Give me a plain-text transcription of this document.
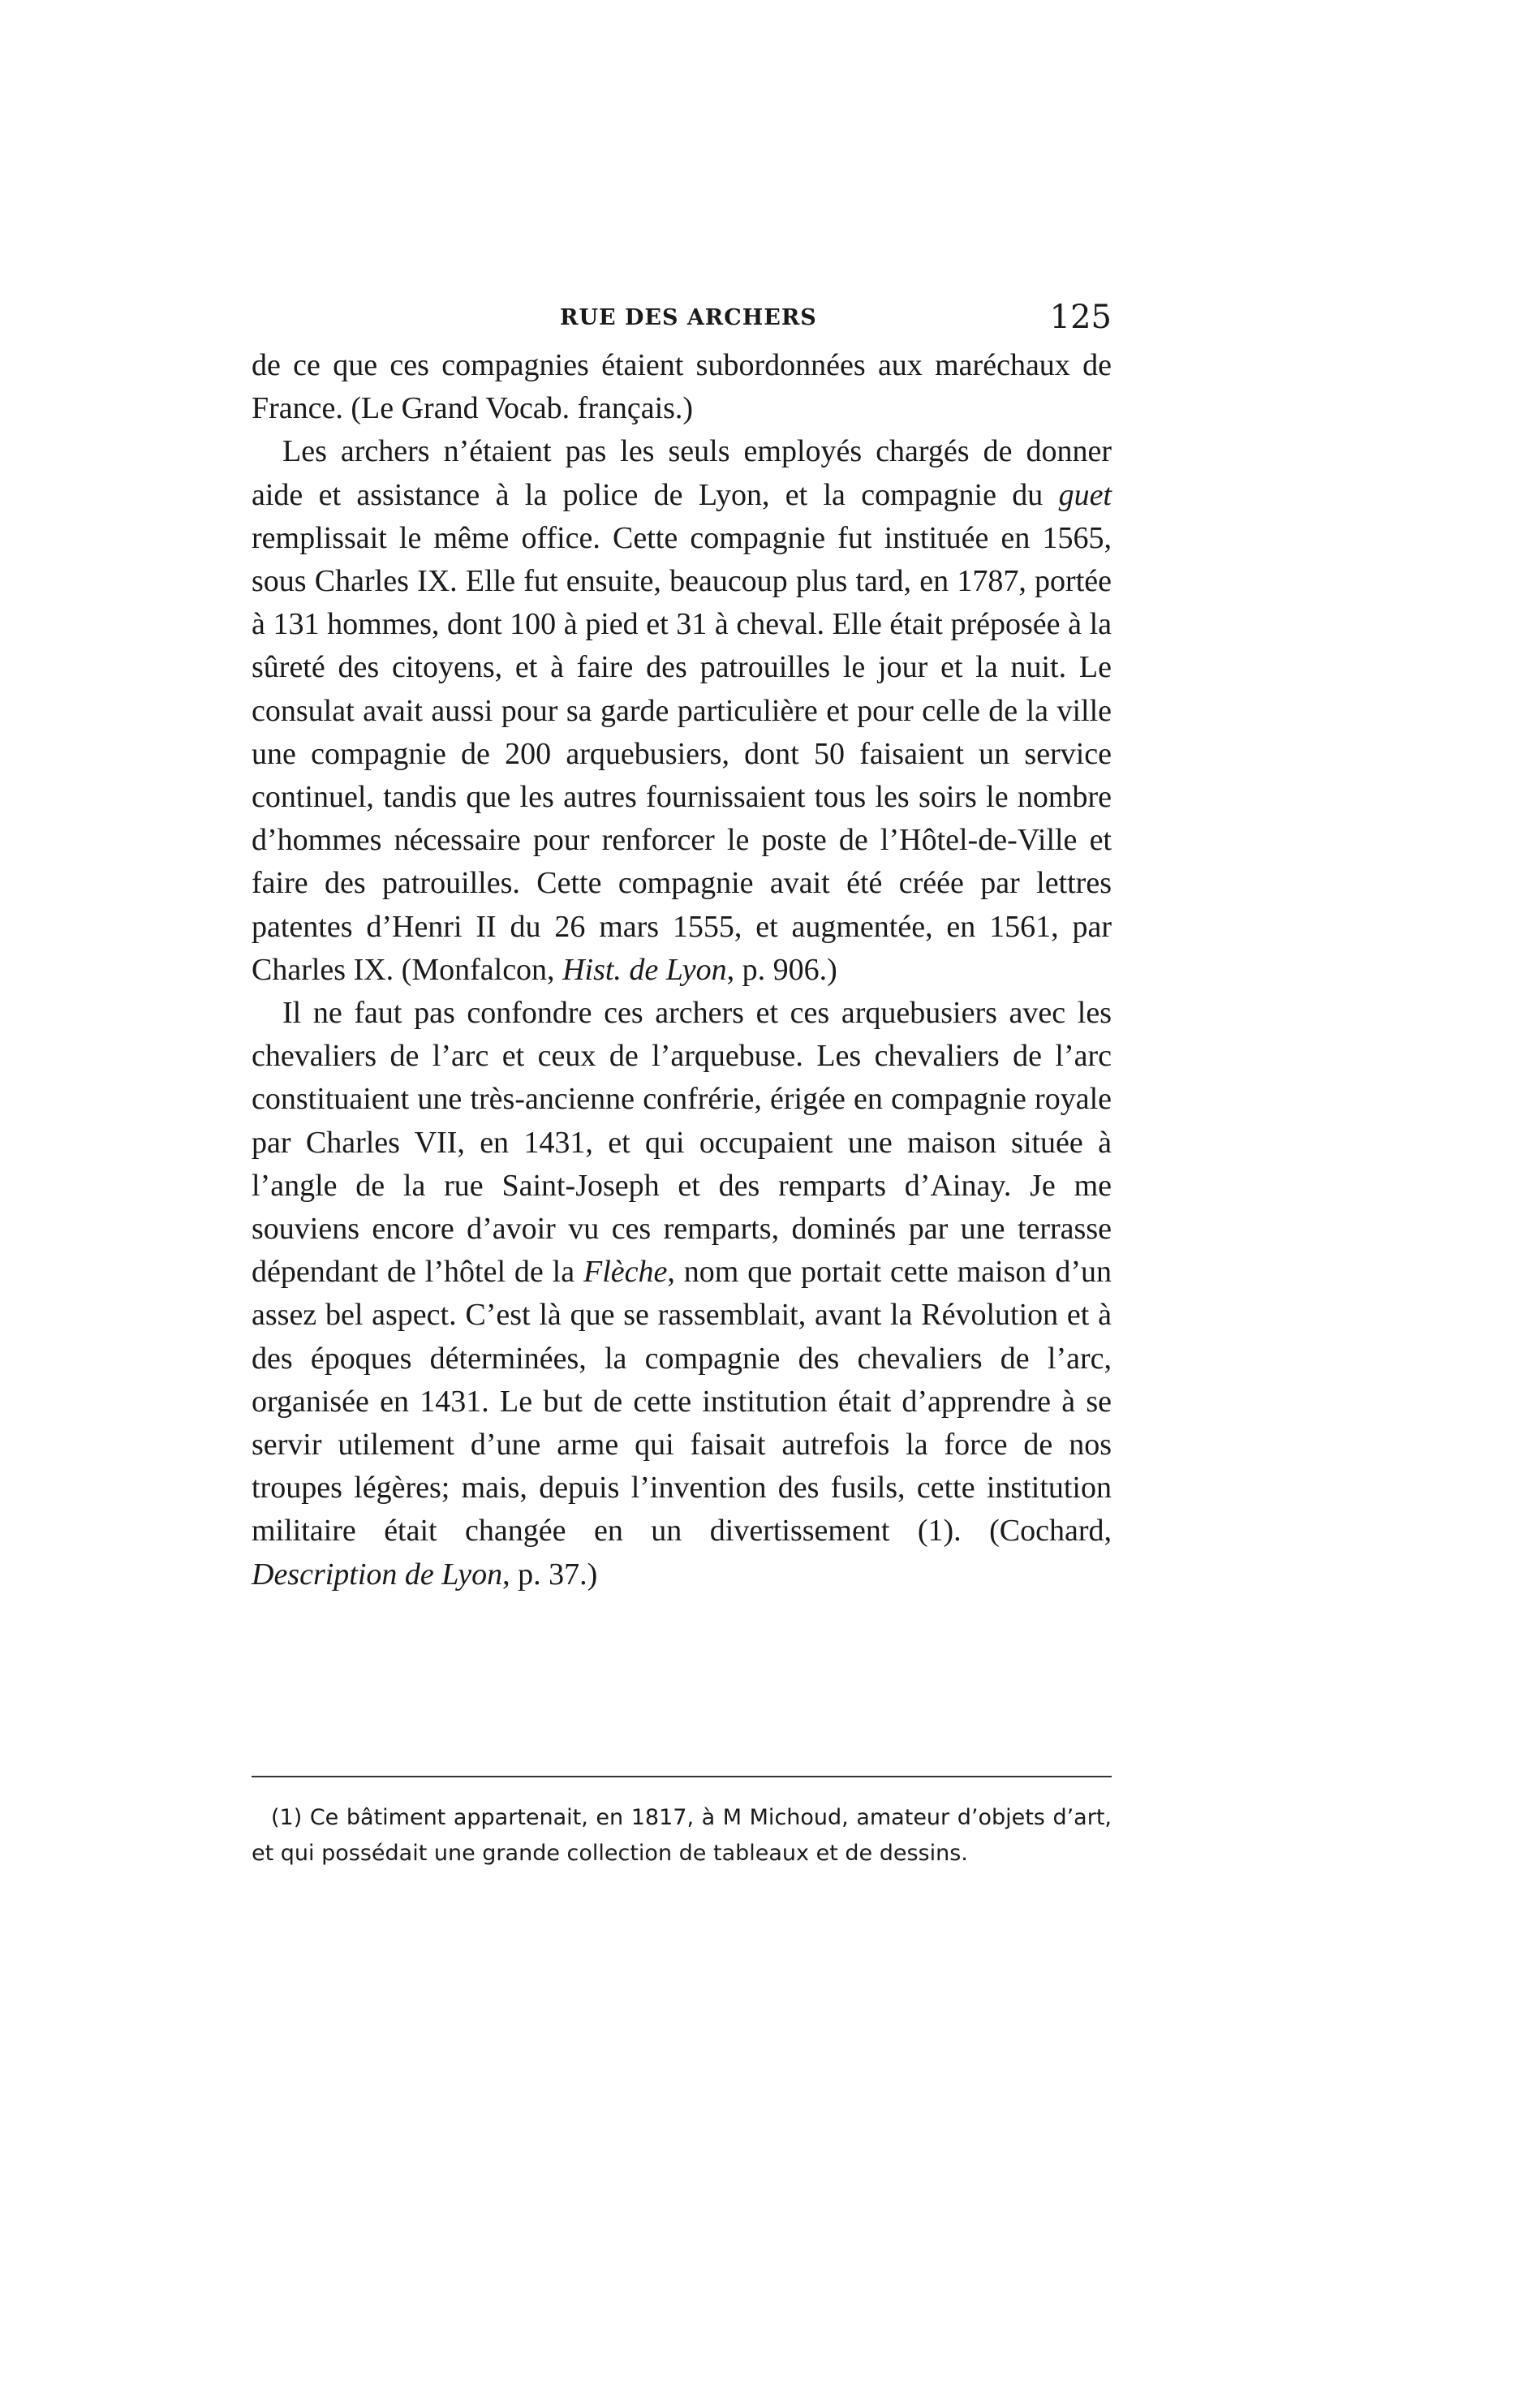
RUE DES ARCHERS	125

de ce que ces compagnies étaient subordonnées aux maréchaux de France. (Le Grand Vocab. français.)

Les archers n’étaient pas les seuls employés chargés de donner aide et assistance à la police de Lyon, et la compagnie du guet remplissait le même office. Cette compagnie fut instituée en 1565, sous Charles IX. Elle fut ensuite, beaucoup plus tard, en 1787, portée à 131 hommes, dont 100 à pied et 31 à cheval. Elle était préposée à la sûreté des citoyens, et à faire des patrouilles le jour et la nuit. Le consulat avait aussi pour sa garde particulière et pour celle de la ville une compagnie de 200 arquebusiers, dont 50 faisaient un service continuel, tandis que les autres fournissaient tous les soirs le nombre d’hommes nécessaire pour renforcer le poste de l’Hôtel-de-Ville et faire des patrouilles. Cette compagnie avait été créée par lettres patentes d’Henri II du 26 mars 1555, et augmentée, en 1561, par Charles IX. (Monfalcon, Hist. de Lyon, p. 906.)

Il ne faut pas confondre ces archers et ces arquebusiers avec les chevaliers de l’arc et ceux de l’arquebuse. Les chevaliers de l’arc constituaient une très-ancienne confrérie, érigée en compagnie royale par Charles VII, en 1431, et qui occupaient une maison située à l’angle de la rue Saint-Joseph et des remparts d’Ainay. Je me souviens encore d’avoir vu ces remparts, dominés par une terrasse dépendant de l’hôtel de la Flèche, nom que portait cette maison d’un assez bel aspect. C’est là que se rassemblait, avant la Révolution et à des époques déterminées, la compagnie des chevaliers de l’arc, organisée en 1431. Le but de cette institution était d’apprendre à se servir utilement d’une arme qui faisait autrefois la force de nos troupes légères; mais, depuis l’invention des fusils, cette institution militaire était changée en un divertissement (1). (Cochard, Description de Lyon, p. 37.)

(1) Ce bâtiment appartenait, en 1817, à M Michoud, amateur d’objets d’art, et qui possédait une grande collection de tableaux et de dessins.
